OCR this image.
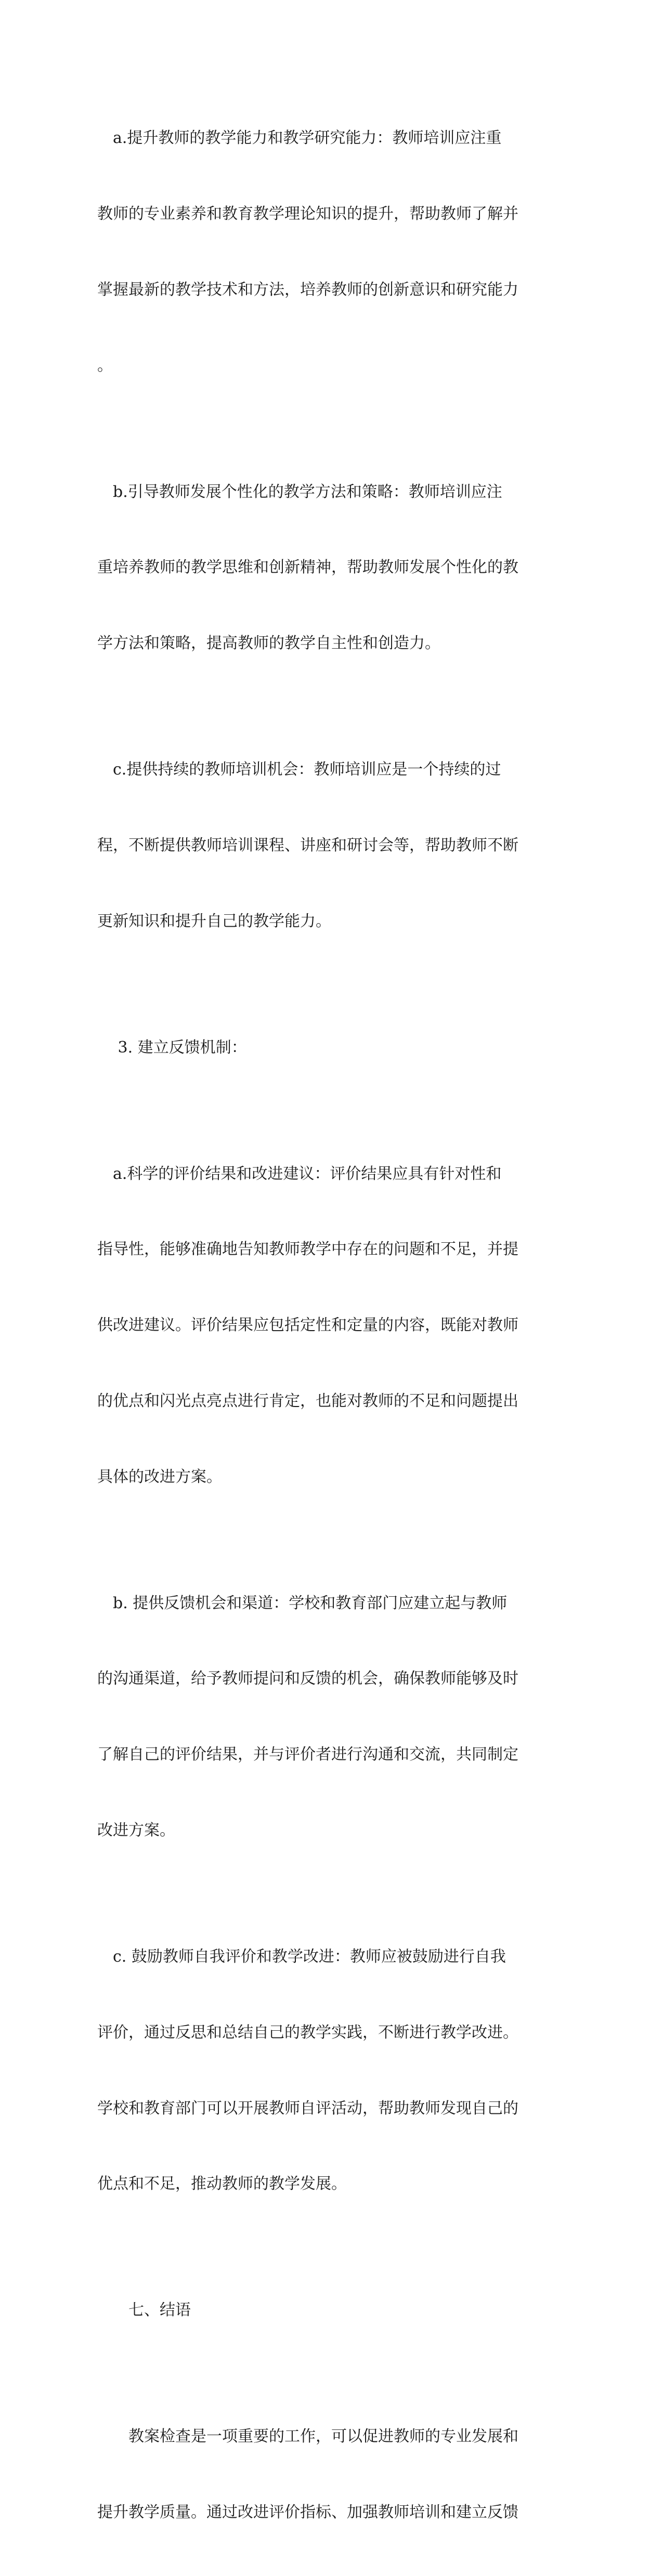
　a.提升教师的教学能力和教学研究能力：教师培训应注重

教师的专业素养和教育教学理论知识的提升，帮助教师了解并

掌握最新的教学技术和方法，培养教师的创新意识和研究能力

。

　b.引导教师发展个性化的教学方法和策略：教师培训应注

重培养教师的教学思维和创新精神，帮助教师发展个性化的教

学方法和策略，提高教师的教学自主性和创造力。

　c.提供持续的教师培训机会：教师培训应是一个持续的过

程，不断提供教师培训课程、讲座和研讨会等，帮助教师不断

更新知识和提升自己的教学能力。

　 3. 建立反馈机制：

　a.科学的评价结果和改进建议：评价结果应具有针对性和

指导性，能够准确地告知教师教学中存在的问题和不足，并提

供改进建议。评价结果应包括定性和定量的内容，既能对教师

的优点和闪光点亮点进行肯定，也能对教师的不足和问题提出

具体的改进方案。

　b. 提供反馈机会和渠道：学校和教育部门应建立起与教师

的沟通渠道，给予教师提问和反馈的机会，确保教师能够及时

了解自己的评价结果，并与评价者进行沟通和交流，共同制定

改进方案。

　c. 鼓励教师自我评价和教学改进：教师应被鼓励进行自我

评价，通过反思和总结自己的教学实践，不断进行教学改进。

学校和教育部门可以开展教师自评活动，帮助教师发现自己的

优点和不足，推动教师的教学发展。

　　七、结语

　　教案检查是一项重要的工作，可以促进教师的专业发展和

提升教学质量。通过改进评价指标、加强教师培训和建立反馈
